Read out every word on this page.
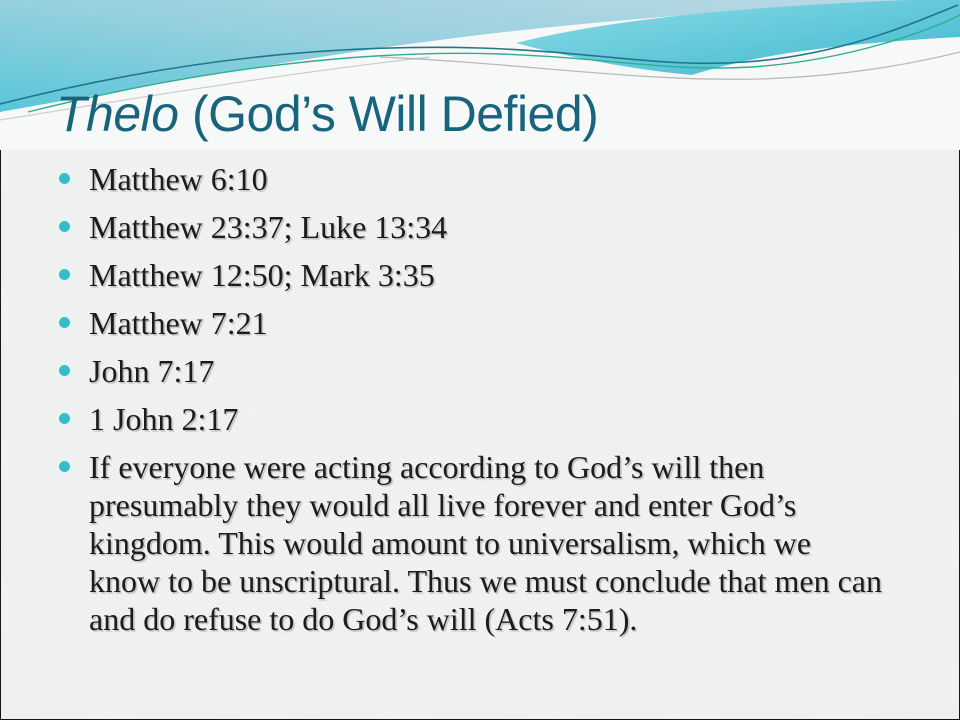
Thelo (God’s Will Defied)
Matthew 6:10
Matthew 23:37; Luke 13:34
Matthew 12:50; Mark 3:35
Matthew 7:21
John 7:17
1 John 2:17
If everyone were acting according to God’s will then presumably they would all live forever and enter God’s kingdom. This would amount to universalism, which we know to be unscriptural. Thus we must conclude that men can and do refuse to do God’s will (Acts 7:51).
